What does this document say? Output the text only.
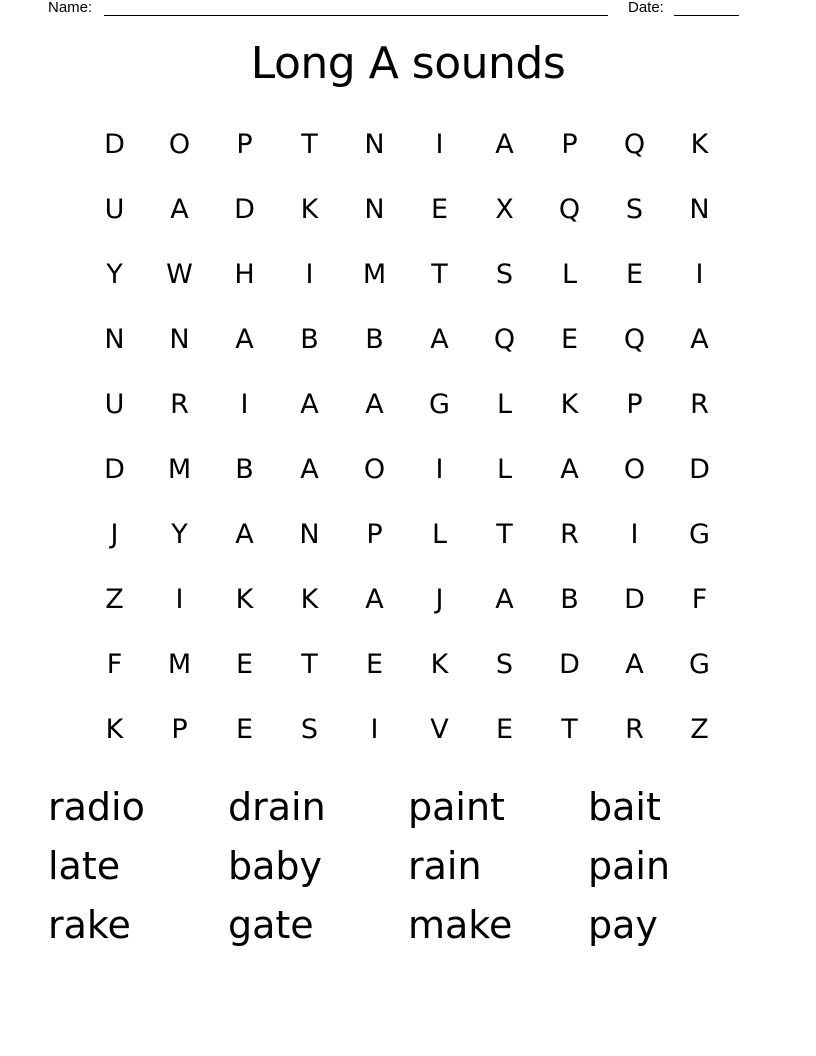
Name:	Date:
Long A sounds
D	O	P	T	N	I	A	P	Q	K
U	A	D	K	N	E	X	Q	S	N
Y	W	H	I	M	T	S	L	E	I
N	N	A	B	B	A	Q	E	Q	A
U	R	I	A	A	G	L	K	P	R
D	M	B	A	O	I	L	A	O	D
J	Y	A	N	P	L	T	R	I	G
Z	I	K	K	A	J	A	B	D	F
F	M	E	T	E	K	S	D	A	G
K	P	E	S	I	V	E	T	R	Z
radio	drain	paint	bait
late	baby	rain	pain
rake	gate	make	pay
